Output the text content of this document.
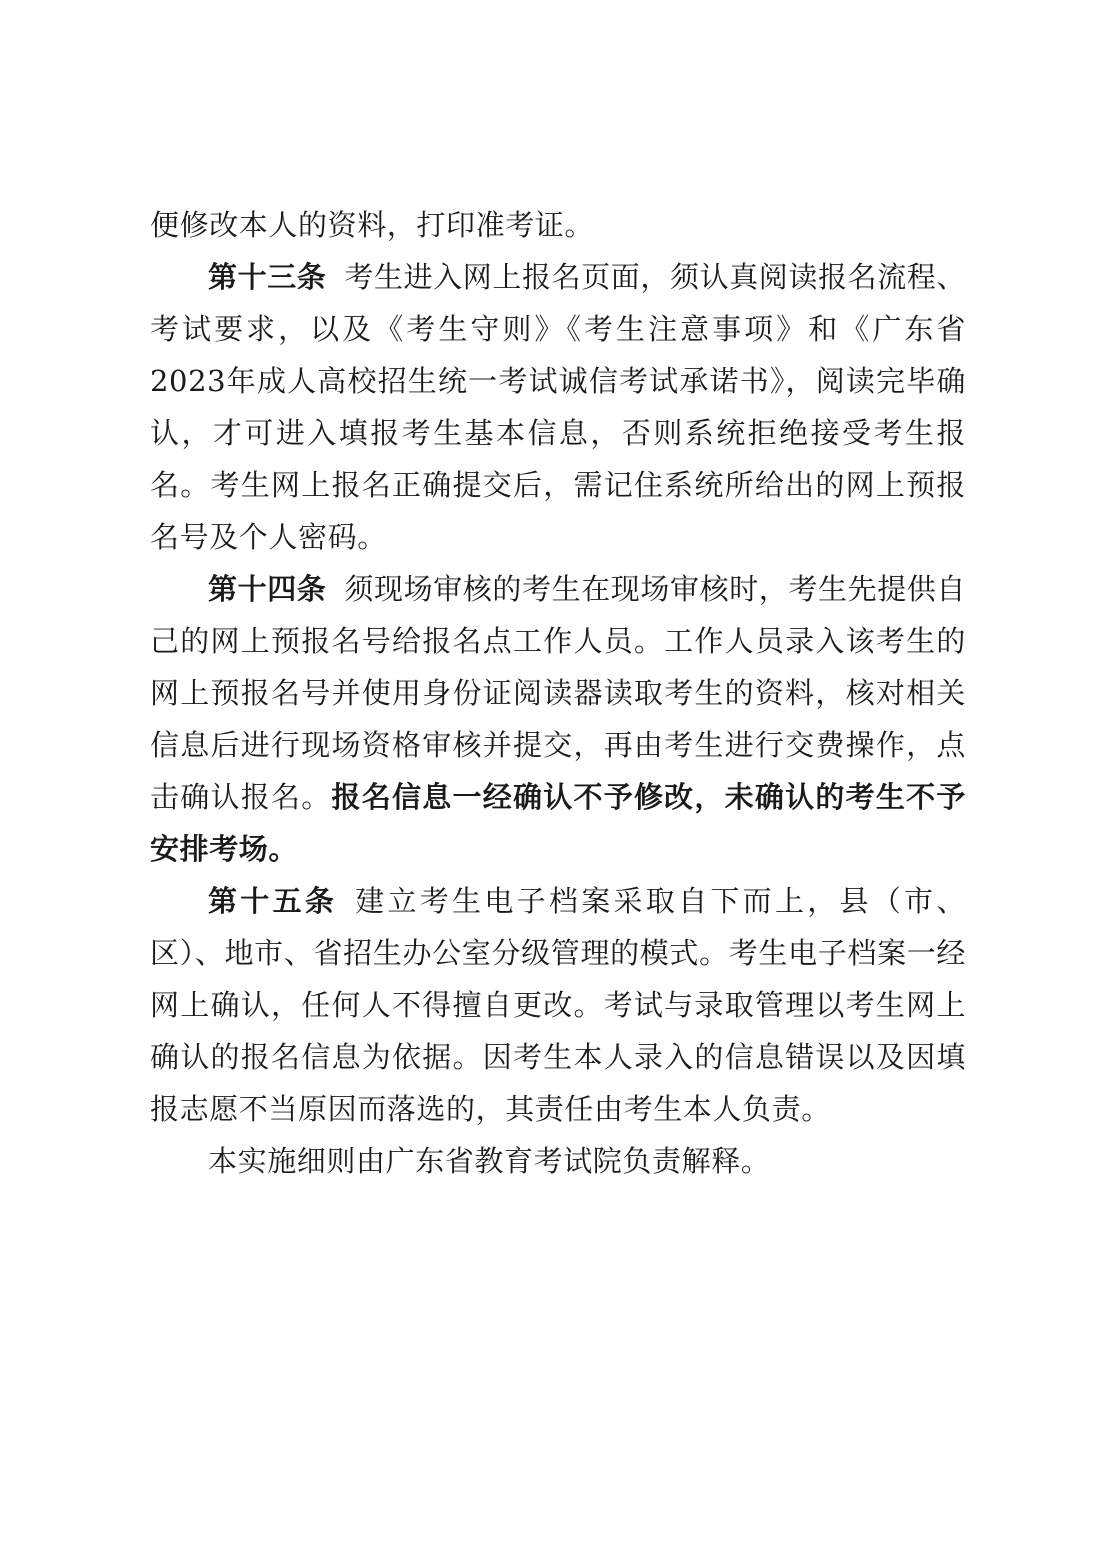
便修改本人的资料，打印准考证。

第十三条 考生进入网上报名页面，须认真阅读报名流程、考试要求，以及《考生守则》《考生注意事项》和《广东省2023年成人高校招生统一考试诚信考试承诺书》，阅读完毕确认，才可进入填报考生基本信息，否则系统拒绝接受考生报名。考生网上报名正确提交后，需记住系统所给出的网上预报名号及个人密码。

第十四条 须现场审核的考生在现场审核时，考生先提供自己的网上预报名号给报名点工作人员。工作人员录入该考生的网上预报名号并使用身份证阅读器读取考生的资料，核对相关信息后进行现场资格审核并提交，再由考生进行交费操作，点击确认报名。报名信息一经确认不予修改，未确认的考生不予安排考场。

第十五条 建立考生电子档案采取自下而上，县（市、区）、地市、省招生办公室分级管理的模式。考生电子档案一经网上确认，任何人不得擅自更改。考试与录取管理以考生网上确认的报名信息为依据。因考生本人录入的信息错误以及因填报志愿不当原因而落选的，其责任由考生本人负责。

本实施细则由广东省教育考试院负责解释。
